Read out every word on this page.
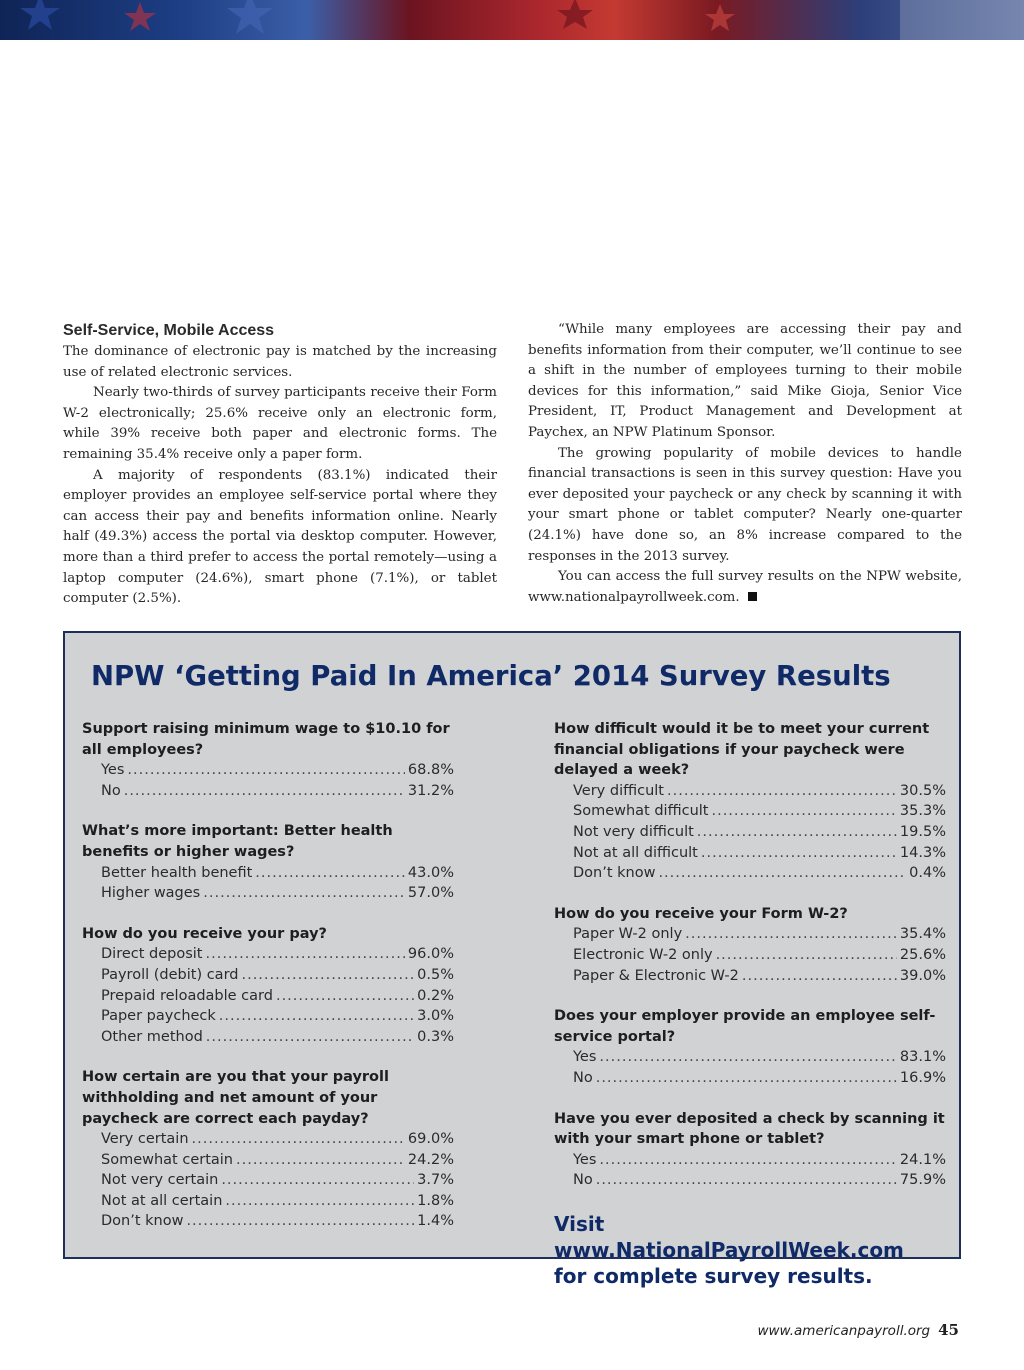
Self-Service, Mobile Access

The dominance of electronic pay is matched by the increasing use of related electronic services.

Nearly two-thirds of survey participants receive their Form W-2 electronically; 25.6% receive only an electronic form, while 39% receive both paper and electronic forms. The remaining 35.4% receive only a paper form.

A majority of respondents (83.1%) indicated their employer provides an employee self-service portal where they can access their pay and benefits information online. Nearly half (49.3%) access the portal via desktop computer. However, more than a third prefer to access the portal remotely—using a laptop computer (24.6%), smart phone (7.1%), or tablet computer (2.5%).

“While many employees are accessing their pay and benefits information from their computer, we’ll continue to see a shift in the number of employees turning to their mobile devices for this information,” said Mike Gioja, Senior Vice President, IT, Product Management and Development at Paychex, an NPW Platinum Sponsor.

The growing popularity of mobile devices to handle financial transactions is seen in this survey question: Have you ever deposited your paycheck or any check by scanning it with your smart phone or tablet computer? Nearly one-quarter (24.1%) have done so, an 8% increase compared to the responses in the 2013 survey.

You can access the full survey results on the NPW website, www.nationalpayrollweek.com.

NPW ‘Getting Paid In America’ 2014 Survey Results
Support raising minimum wage to $10.10 for all employees?
Yes .....	68.8%
No .....	31.2%
What’s more important: Better health benefits or higher wages?
Better health benefit .....	43.0%
Higher wages .....	57.0%
How do you receive your pay?
Direct deposit .....	96.0%
Payroll (debit) card .....	0.5%
Prepaid reloadable card .....	0.2%
Paper paycheck .....	3.0%
Other method .....	0.3%
How certain are you that your payroll withholding and net amount of your paycheck are correct each payday?
Very certain .....	69.0%
Somewhat certain .....	24.2%
Not very certain .....	3.7%
Not at all certain .....	1.8%
Don’t know .....	1.4%
How difficult would it be to meet your current financial obligations if your paycheck were delayed a week?
Very difficult .....	30.5%
Somewhat difficult .....	35.3%
Not very difficult .....	19.5%
Not at all difficult .....	14.3%
Don’t know .....	0.4%
How do you receive your Form W-2?
Paper W-2 only .....	35.4%
Electronic W-2 only .....	25.6%
Paper & Electronic W-2 .....	39.0%
Does your employer provide an employee self-service portal?
Yes .....	83.1%
No .....	16.9%
Have you ever deposited a check by scanning it with your smart phone or tablet?
Yes .....	24.1%
No .....	75.9%
Visit www.NationalPayrollWeek.com
for complete survey results.
www.americanpayroll.org 45
